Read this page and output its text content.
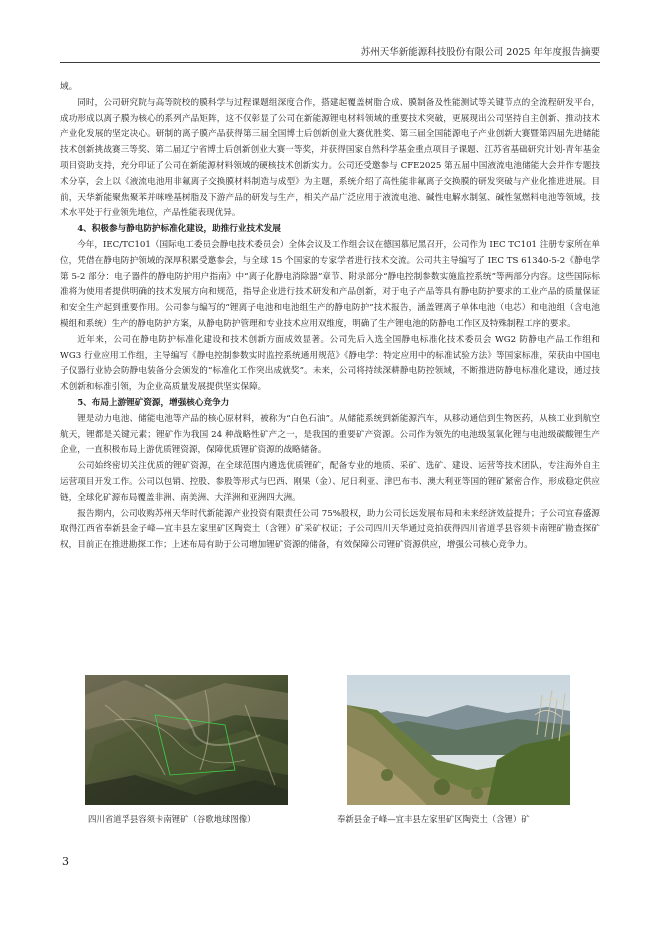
苏州天华新能源科技股份有限公司 2025 年年度报告摘要

域。

同时，公司研究院与高等院校的膜科学与过程课题组深度合作，搭建起覆盖树脂合成、膜制备及性能测试等关键节点的全流程研发平台，成功形成以离子膜为核心的系列产品矩阵，这不仅彰显了公司在新能源锂电材料领域的重要技术突破，更展现出公司坚持自主创新、推动技术产业化发展的坚定决心。研制的离子膜产品获得第三届全国博士后创新创业大赛优胜奖、第三届全国能源电子产业创新大赛暨第四届先进储能技术创新挑战赛三等奖、第二届辽宁省博士后创新创业大赛一等奖，并获得国家自然科学基金重点项目子课题、江苏省基础研究计划-青年基金项目资助支持，充分印证了公司在新能源材料领域的硬核技术创新实力。公司还受邀参与 CFE2025 第五届中国液流电池储能大会并作专题技术分享，会上以《液流电池用非氟离子交换膜材料制造与成型》为主题，系统介绍了高性能非氟离子交换膜的研发突破与产业化推进进展。目前，天华新能聚焦聚苯并咪唑基树脂及下游产品的研发与生产，相关产品广泛应用于液流电池、碱性电解水制氢、碱性氢燃料电池等领域，技术水平处于行业领先地位，产品性能表现优异。

4、积极参与静电防护标准化建设，助推行业技术发展

今年，IEC/TC101（国际电工委员会静电技术委员会）全体会议及工作组会议在德国慕尼黑召开，公司作为 IEC TC101 注册专家所在单位，凭借在静电防护领域的深厚积累受邀参会，与全球 15 个国家的专家学者进行技术交流。公司共主导编写了 IEC TS 61340-5-2《静电学第 5-2 部分：电子器件的静电防护用户指南》中“离子化静电消除器”章节、附录部分“静电控制参数实施监控系统”等两部分内容。这些国际标准将为使用者提供明确的技术发展方向和规范，指导企业进行技术研发和产品创新，对于电子产品等具有静电防护要求的工业产品的质量保证和安全生产起到重要作用。公司参与编写的“锂离子电池和电池组生产的静电防护”技术报告，涵盖锂离子单体电池（电芯）和电池组（含电池模组和系统）生产的静电防护方案，从静电防护管理和专业技术应用双维度，明确了生产锂电池的防静电工作区及特殊制程工序的要求。

近年来，公司在静电防护标准化建设和技术创新方面成效显著。公司先后入选全国静电标准化技术委员会 WG2 防静电产品工作组和 WG3 行业应用工作组，主导编写《静电控制参数实时监控系统通用规范》《静电学：特定应用中的标准试验方法》等国家标准，荣获由中国电子仪器行业协会防静电装备分会颁发的“标准化工作突出成就奖”。未来，公司将持续深耕静电防控领域，不断推进防静电标准化建设，通过技术创新和标准引领，为企业高质量发展提供坚实保障。

5、布局上游锂矿资源，增强核心竞争力

锂是动力电池、储能电池等产品的核心原材料，被称为“白色石油”。从储能系统到新能源汽车，从移动通信到生物医药，从核工业到航空航天，锂都是关键元素；锂矿作为我国 24 种战略性矿产之一，是我国的重要矿产资源。公司作为领先的电池级氢氧化锂与电池级碳酸锂生产企业，一直积极布局上游优质锂资源，保障优质锂矿资源的战略储备。

公司始终密切关注优质的锂矿资源，在全球范围内遴选优质锂矿，配备专业的地质、采矿、选矿、建设、运营等技术团队，专注海外自主运营项目开发工作。公司以包销、控股、参股等形式与巴西、刚果（金）、尼日利亚、津巴布韦、澳大利亚等国的锂矿紧密合作，形成稳定供应链，全球化矿源布局覆盖非洲、南美洲、大洋洲和亚洲四大洲。

报告期内，公司收购苏州天华时代新能源产业投资有限责任公司 75%股权，助力公司长远发展布局和未来经济效益提升；子公司宜春盛源取得江西省奉新县金子峰—宜丰县左家里矿区陶瓷土（含锂）矿采矿权证；子公司四川天华通过竞拍获得四川省道孚县容须卡南锂矿勘查探矿权，目前正在推进勘探工作；上述布局有助于公司增加锂矿资源的储备，有效保障公司锂矿资源供应，增强公司核心竞争力。

四川省道孚县容须卡南锂矿（谷歌地球图像）	奉新县金子峰—宜丰县左家里矿区陶瓷土（含锂）矿
3
